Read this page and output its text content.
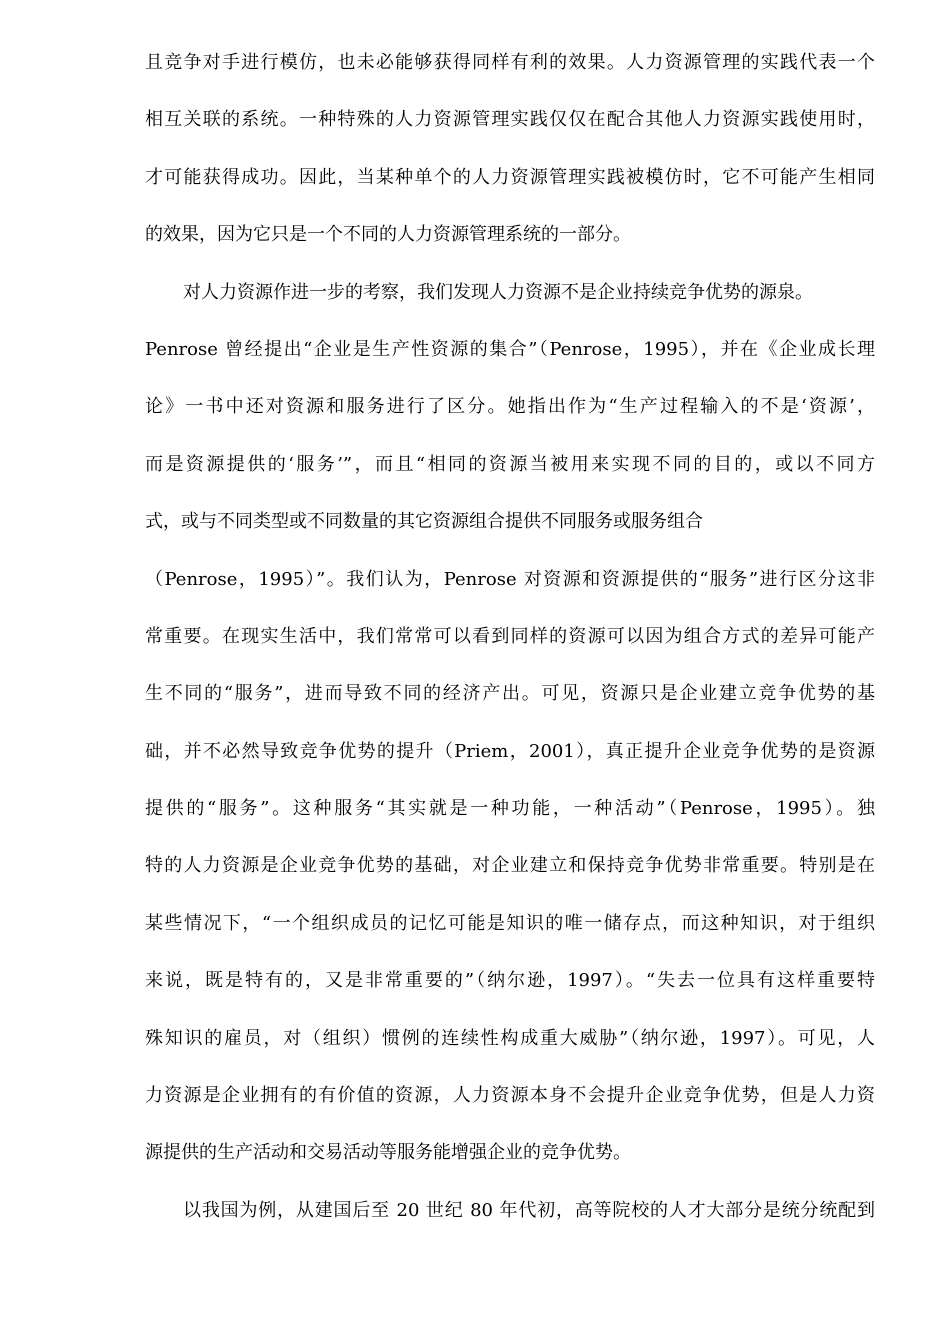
且竞争对手进行模仿，也未必能够获得同样有利的效果。人力资源管理的实践代表一个
相互关联的系统。一种特殊的人力资源管理实践仅仅在配合其他人力资源实践使用时，
才可能获得成功。因此，当某种单个的人力资源管理实践被模仿时，它不可能产生相同
的效果，因为它只是一个不同的人力资源管理系统的一部分。
对人力资源作进一步的考察，我们发现人力资源不是企业持续竞争优势的源泉。
Penrose 曾经提出“企业是生产性资源的集合”（Penrose，1995），并在《企业成长理
论》一书中还对资源和服务进行了区分。她指出作为“生产过程输入的不是‘资源’，
而是资源提供的‘服务’”，而且“相同的资源当被用来实现不同的目的，或以不同方
式，或与不同类型或不同数量的其它资源组合提供不同服务或服务组合
（Penrose，1995）”。我们认为，Penrose 对资源和资源提供的“服务”进行区分这非
常重要。在现实生活中，我们常常可以看到同样的资源可以因为组合方式的差异可能产
生不同的“服务”，进而导致不同的经济产出。可见，资源只是企业建立竞争优势的基
础，并不必然导致竞争优势的提升（Priem，2001），真正提升企业竞争优势的是资源
提供的“服务”。这种服务“其实就是一种功能，一种活动”（Penrose，1995）。独
特的人力资源是企业竞争优势的基础，对企业建立和保持竞争优势非常重要。特别是在
某些情况下，“一个组织成员的记忆可能是知识的唯一储存点，而这种知识，对于组织
来说，既是特有的，又是非常重要的”（纳尔逊，1997）。“失去一位具有这样重要特
殊知识的雇员，对（组织）惯例的连续性构成重大威胁”（纳尔逊，1997）。可见，人
力资源是企业拥有的有价值的资源，人力资源本身不会提升企业竞争优势，但是人力资
源提供的生产活动和交易活动等服务能增强企业的竞争优势。
以我国为例，从建国后至 20 世纪 80 年代初，高等院校的人才大部分是统分统配到
